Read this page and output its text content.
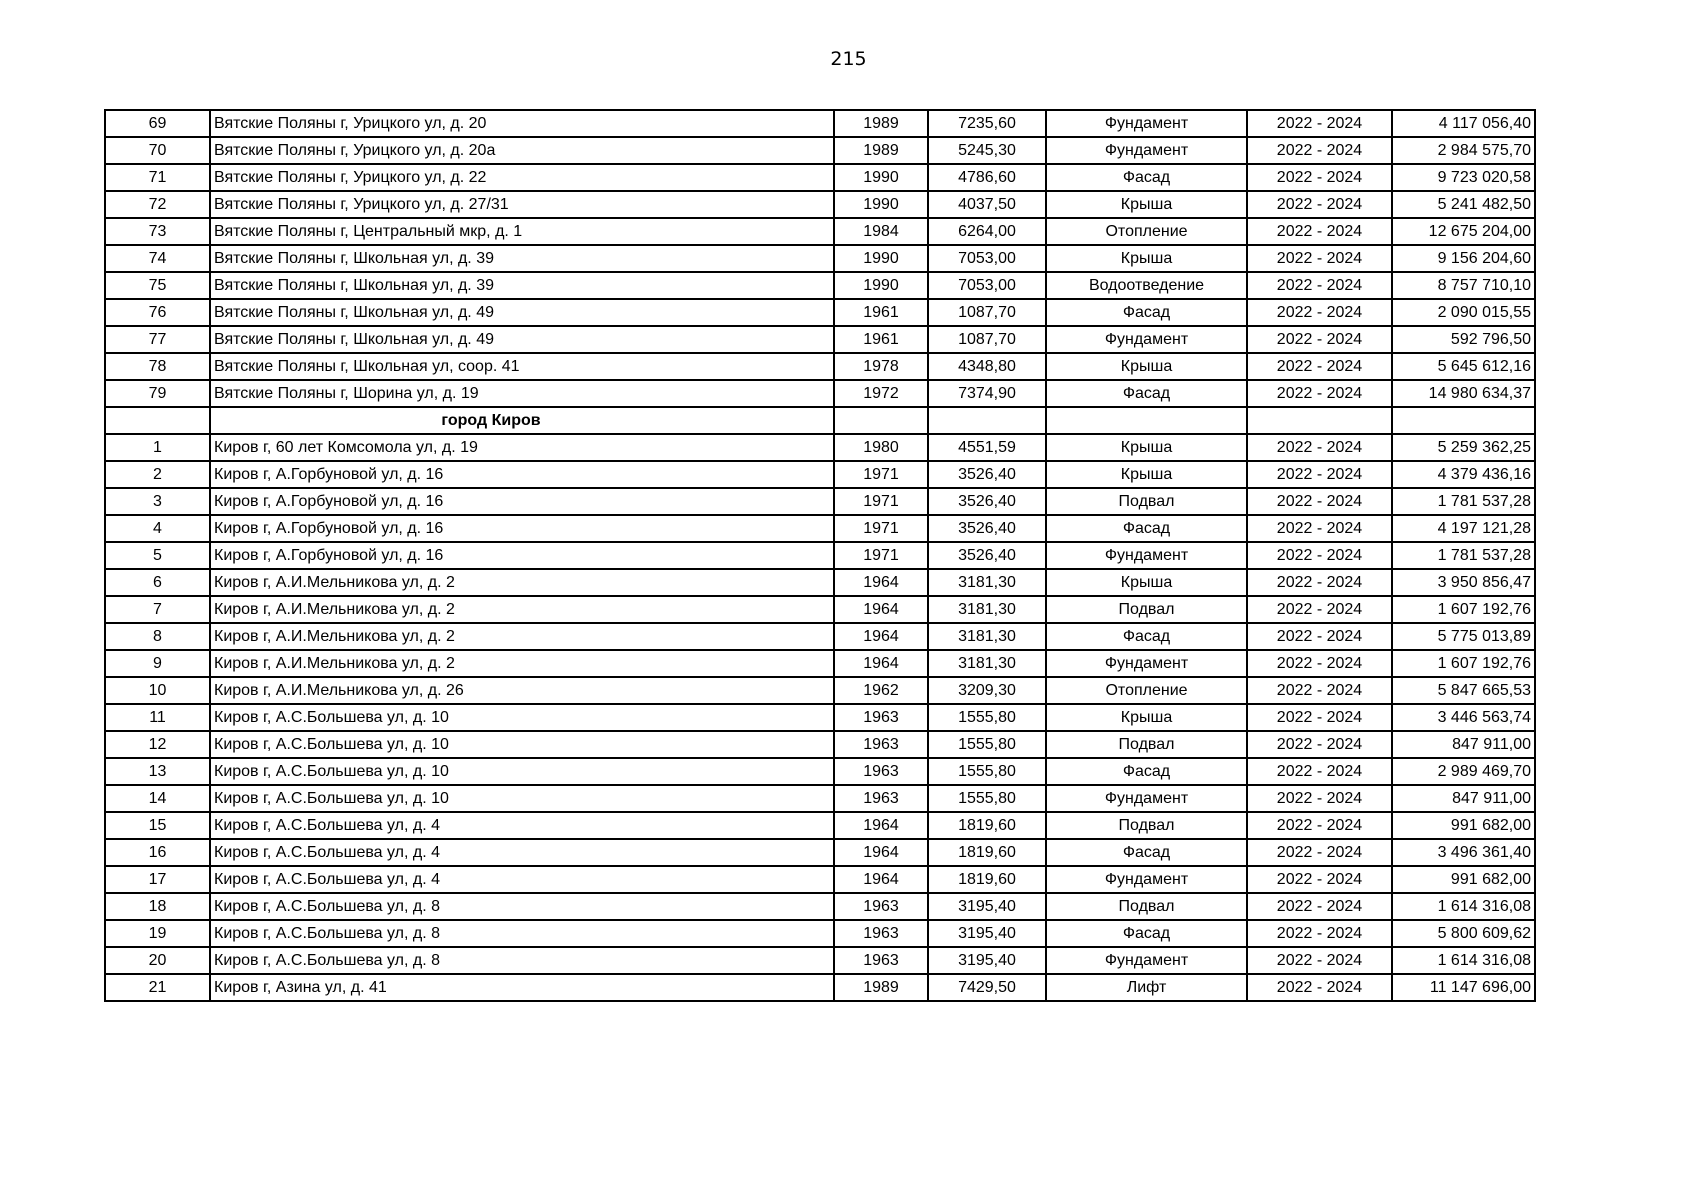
215
69	Вятские Поляны г, Урицкого ул, д. 20	1989	7235,60	Фундамент	2022 - 2024	4 117 056,40
70	Вятские Поляны г, Урицкого ул, д. 20а	1989	5245,30	Фундамент	2022 - 2024	2 984 575,70
71	Вятские Поляны г, Урицкого ул, д. 22	1990	4786,60	Фасад	2022 - 2024	9 723 020,58
72	Вятские Поляны г, Урицкого ул, д. 27/31	1990	4037,50	Крыша	2022 - 2024	5 241 482,50
73	Вятские Поляны г, Центральный мкр, д. 1	1984	6264,00	Отопление	2022 - 2024	12 675 204,00
74	Вятские Поляны г, Школьная ул, д. 39	1990	7053,00	Крыша	2022 - 2024	9 156 204,60
75	Вятские Поляны г, Школьная ул, д. 39	1990	7053,00	Водоотведение	2022 - 2024	8 757 710,10
76	Вятские Поляны г, Школьная ул, д. 49	1961	1087,70	Фасад	2022 - 2024	2 090 015,55
77	Вятские Поляны г, Школьная ул, д. 49	1961	1087,70	Фундамент	2022 - 2024	592 796,50
78	Вятские Поляны г, Школьная ул, соор. 41	1978	4348,80	Крыша	2022 - 2024	5 645 612,16
79	Вятские Поляны г, Шорина ул, д. 19	1972	7374,90	Фасад	2022 - 2024	14 980 634,37
	город Киров					
1	Киров г, 60 лет Комсомола ул, д. 19	1980	4551,59	Крыша	2022 - 2024	5 259 362,25
2	Киров г, А.Горбуновой ул, д. 16	1971	3526,40	Крыша	2022 - 2024	4 379 436,16
3	Киров г, А.Горбуновой ул, д. 16	1971	3526,40	Подвал	2022 - 2024	1 781 537,28
4	Киров г, А.Горбуновой ул, д. 16	1971	3526,40	Фасад	2022 - 2024	4 197 121,28
5	Киров г, А.Горбуновой ул, д. 16	1971	3526,40	Фундамент	2022 - 2024	1 781 537,28
6	Киров г, А.И.Мельникова ул, д. 2	1964	3181,30	Крыша	2022 - 2024	3 950 856,47
7	Киров г, А.И.Мельникова ул, д. 2	1964	3181,30	Подвал	2022 - 2024	1 607 192,76
8	Киров г, А.И.Мельникова ул, д. 2	1964	3181,30	Фасад	2022 - 2024	5 775 013,89
9	Киров г, А.И.Мельникова ул, д. 2	1964	3181,30	Фундамент	2022 - 2024	1 607 192,76
10	Киров г, А.И.Мельникова ул, д. 26	1962	3209,30	Отопление	2022 - 2024	5 847 665,53
11	Киров г, А.С.Большева ул, д. 10	1963	1555,80	Крыша	2022 - 2024	3 446 563,74
12	Киров г, А.С.Большева ул, д. 10	1963	1555,80	Подвал	2022 - 2024	847 911,00
13	Киров г, А.С.Большева ул, д. 10	1963	1555,80	Фасад	2022 - 2024	2 989 469,70
14	Киров г, А.С.Большева ул, д. 10	1963	1555,80	Фундамент	2022 - 2024	847 911,00
15	Киров г, А.С.Большева ул, д. 4	1964	1819,60	Подвал	2022 - 2024	991 682,00
16	Киров г, А.С.Большева ул, д. 4	1964	1819,60	Фасад	2022 - 2024	3 496 361,40
17	Киров г, А.С.Большева ул, д. 4	1964	1819,60	Фундамент	2022 - 2024	991 682,00
18	Киров г, А.С.Большева ул, д. 8	1963	3195,40	Подвал	2022 - 2024	1 614 316,08
19	Киров г, А.С.Большева ул, д. 8	1963	3195,40	Фасад	2022 - 2024	5 800 609,62
20	Киров г, А.С.Большева ул, д. 8	1963	3195,40	Фундамент	2022 - 2024	1 614 316,08
21	Киров г, Азина ул, д. 41	1989	7429,50	Лифт	2022 - 2024	11 147 696,00
